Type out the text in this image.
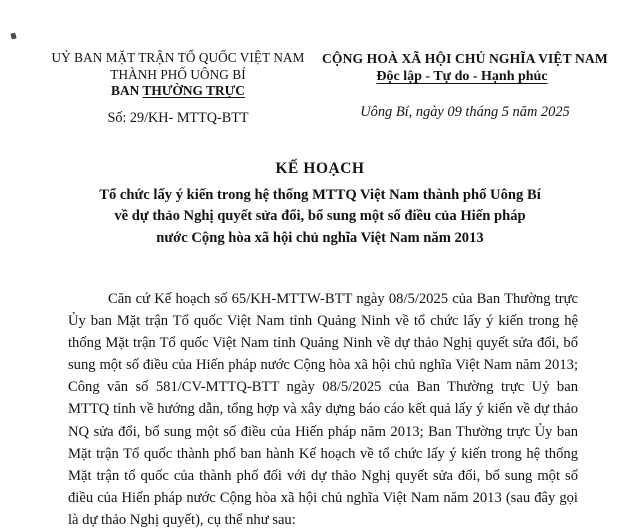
UỶ BAN MẶT TRẬN TỔ QUỐC VIỆT NAM
THÀNH PHỐ UÔNG BÍ
BAN THƯỜNG TRỰC
CỘNG HOÀ XÃ HỘI CHỦ NGHĨA VIỆT NAM
Độc lập - Tự do - Hạnh phúc
Số: 29/KH- MTTQ-BTT	Uông Bí, ngày 09 tháng 5 năm 2025
KẾ HOẠCH
Tổ chức lấy ý kiến trong hệ thống MTTQ Việt Nam thành phố Uông Bí
về dự thảo Nghị quyết sửa đổi, bổ sung một số điều của Hiến pháp
nước Cộng hòa xã hội chủ nghĩa Việt Nam năm 2013
Căn cứ Kế hoạch số 65/KH-MTTW-BTT ngày 08/5/2025 của Ban Thường trực Ủy ban Mặt trận Tổ quốc Việt Nam tỉnh Quảng Ninh về tổ chức lấy ý kiến trong hệ thống Mặt trận Tổ quốc Việt Nam tỉnh Quảng Ninh về dự thảo Nghị quyết sửa đổi, bổ sung một số điều của Hiến pháp nước Cộng hòa xã hội chủ nghĩa Việt Nam năm 2013; Công văn số 581/CV-MTTQ-BTT ngày 08/5/2025 của Ban Thường trực Uỷ ban MTTQ tỉnh về hướng dẫn, tổng hợp và xây dựng báo cáo kết quả lấy ý kiến về dự thảo NQ sửa đổi, bổ sung một số điều của Hiến pháp năm 2013; Ban Thường trực Ủy ban Mặt trận Tổ quốc thành phố ban hành Kế hoạch về tổ chức lấy ý kiến trong hệ thống Mặt trận tổ quốc của thành phố đối với dự thảo Nghị quyết sửa đổi, bổ sung một số điều của Hiến pháp nước Cộng hòa xã hội chủ nghĩa Việt Nam năm 2013 (sau đây gọi là dự thảo Nghị quyết), cụ thể như sau:
